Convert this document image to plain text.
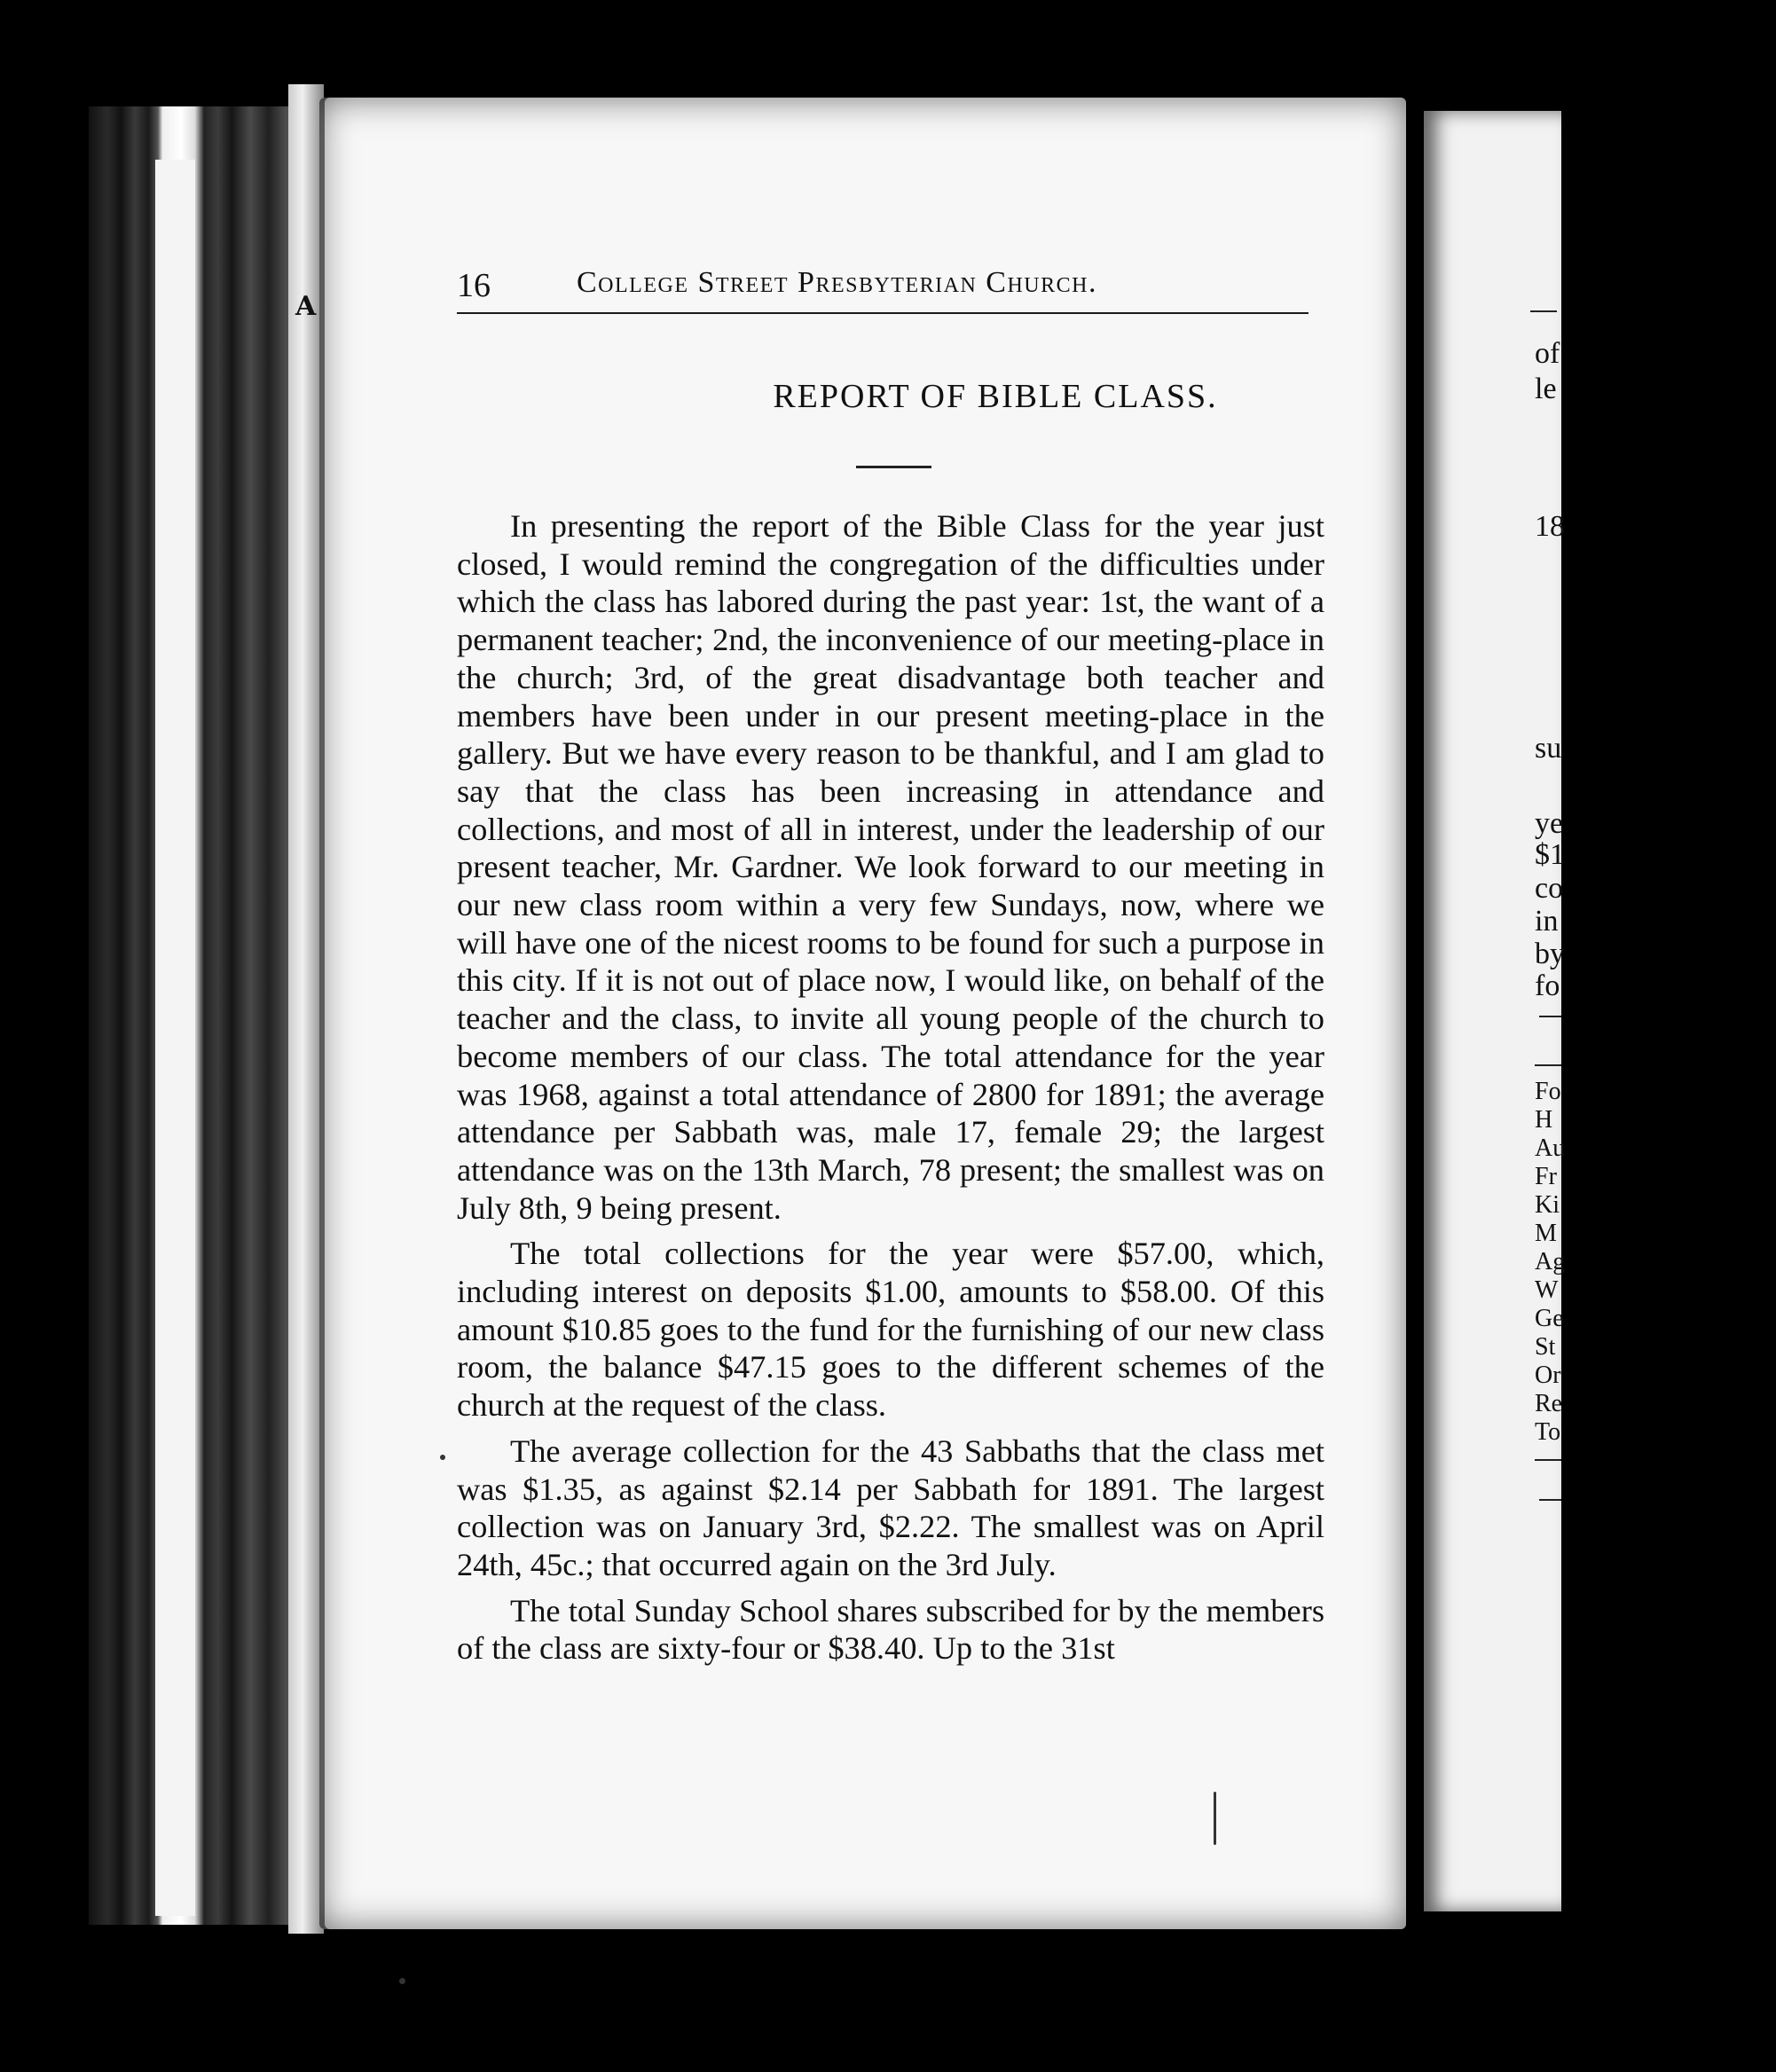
A
16	College Street Presbyterian Church.
REPORT OF BIBLE CLASS.

In presenting the report of the Bible Class for the year just closed, I would remind the congregation of the difficulties under which the class has labored during the past year: 1st, the want of a permanent teacher; 2nd, the inconvenience of our meeting-place in the church; 3rd, of the great disadvantage both teacher and members have been under in our present meeting-place in the gallery. But we have every reason to be thankful, and I am glad to say that the class has been increasing in attendance and collections, and most of all in interest, under the leadership of our present teacher, Mr. Gardner. We look forward to our meeting in our new class room within a very few Sundays, now, where we will have one of the nicest rooms to be found for such a purpose in this city. If it is not out of place now, I would like, on behalf of the teacher and the class, to invite all young people of the church to become members of our class. The total attendance for the year was 1968, against a total attendance of 2800 for 1891; the average attendance per Sabbath was, male 17, female 29; the largest attendance was on the 13th March, 78 present; the smallest was on July 8th, 9 being present.

The total collections for the year were $57.00, which, including interest on deposits $1.00, amounts to $58.00. Of this amount $10.85 goes to the fund for the furnishing of our new class room, the balance $47.15 goes to the different schemes of the church at the request of the class.

The average collection for the 43 Sabbaths that the class met was $1.35, as against $2.14 per Sabbath for 1891. The largest collection was on January 3rd, $2.22. The smallest was on April 24th, 45c.; that occurred again on the 3rd July.

The total Sunday School shares subscribed for by the members of the class are sixty-four or $38.40. Up to the 31st

of
le
18
su
ye
$1
co
in
by
fo
Fo
H
Au
Fr
Ki
M
Ag
W
Ge
St
Or
Re
To
